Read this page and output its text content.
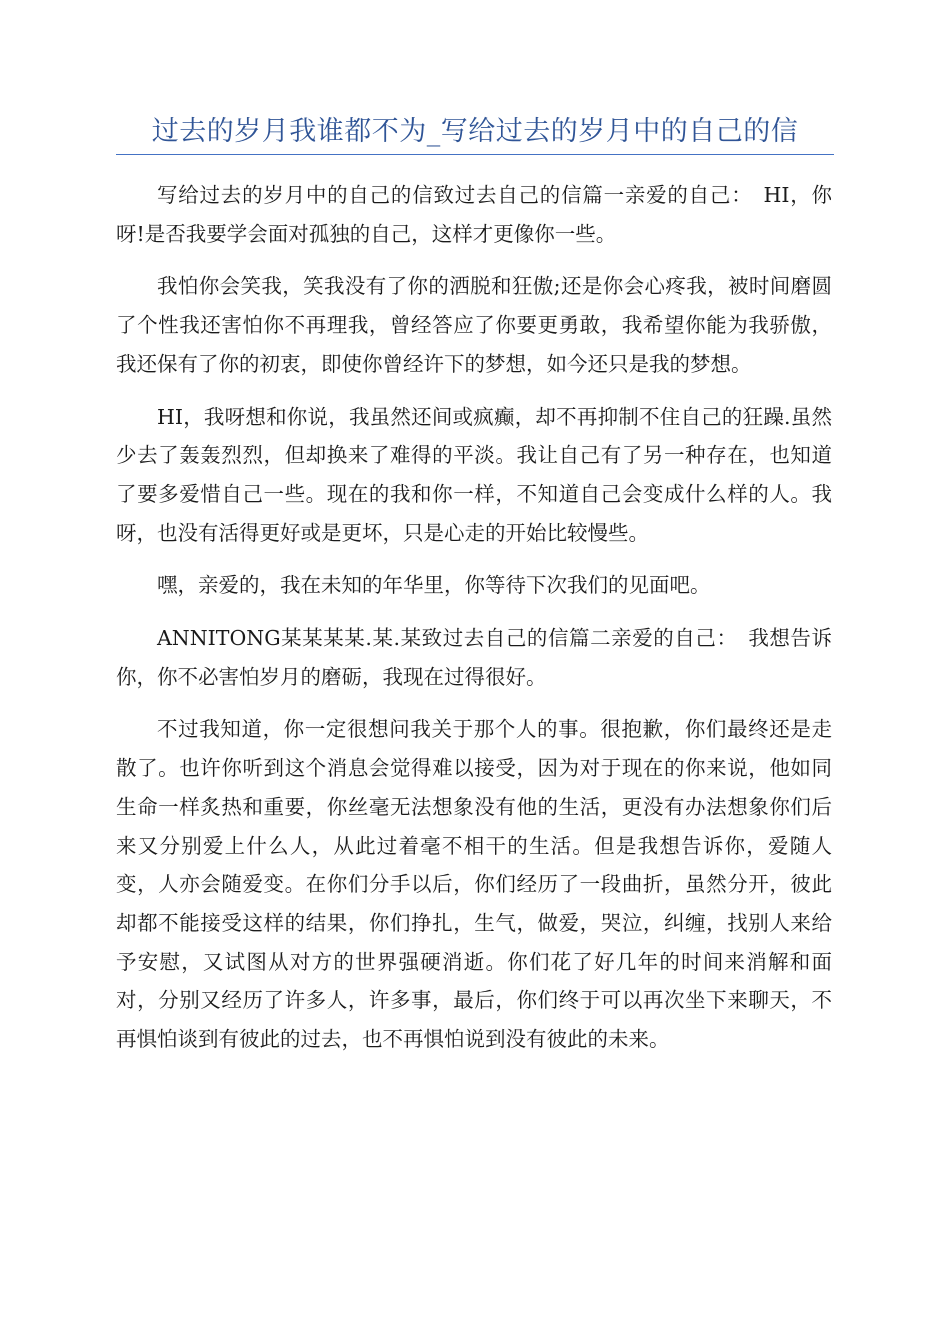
过去的岁月我谁都不为_写给过去的岁月中的自己的信

写给过去的岁月中的自己的信致过去自己的信篇一亲爱的自己：　HI，你呀!是否我要学会面对孤独的自己，这样才更像你一些。

我怕你会笑我，笑我没有了你的洒脱和狂傲;还是你会心疼我，被时间磨圆了个性我还害怕你不再理我，曾经答应了你要更勇敢，我希望你能为我骄傲，我还保有了你的初衷，即使你曾经许下的梦想，如今还只是我的梦想。

HI，我呀想和你说，我虽然还间或疯癫，却不再抑制不住自己的狂躁.虽然少去了轰轰烈烈，但却换来了难得的平淡。我让自己有了另一种存在，也知道了要多爱惜自己一些。现在的我和你一样，不知道自己会变成什么样的人。我呀，也没有活得更好或是更坏，只是心走的开始比较慢些。

嘿，亲爱的，我在未知的年华里，你等待下次我们的见面吧。

ANNITONG某某某某.某.某致过去自己的信篇二亲爱的自己：　我想告诉你，你不必害怕岁月的磨砺，我现在过得很好。

不过我知道，你一定很想问我关于那个人的事。很抱歉，你们最终还是走散了。也许你听到这个消息会觉得难以接受，因为对于现在的你来说，他如同生命一样炙热和重要，你丝毫无法想象没有他的生活，更没有办法想象你们后来又分别爱上什么人，从此过着毫不相干的生活。但是我想告诉你，爱随人变，人亦会随爱变。在你们分手以后，你们经历了一段曲折，虽然分开，彼此却都不能接受这样的结果，你们挣扎，生气，做爱，哭泣，纠缠，找别人来给予安慰，又试图从对方的世界强硬消逝。你们花了好几年的时间来消解和面对，分别又经历了许多人，许多事，最后，你们终于可以再次坐下来聊天，不再惧怕谈到有彼此的过去，也不再惧怕说到没有彼此的未来。
